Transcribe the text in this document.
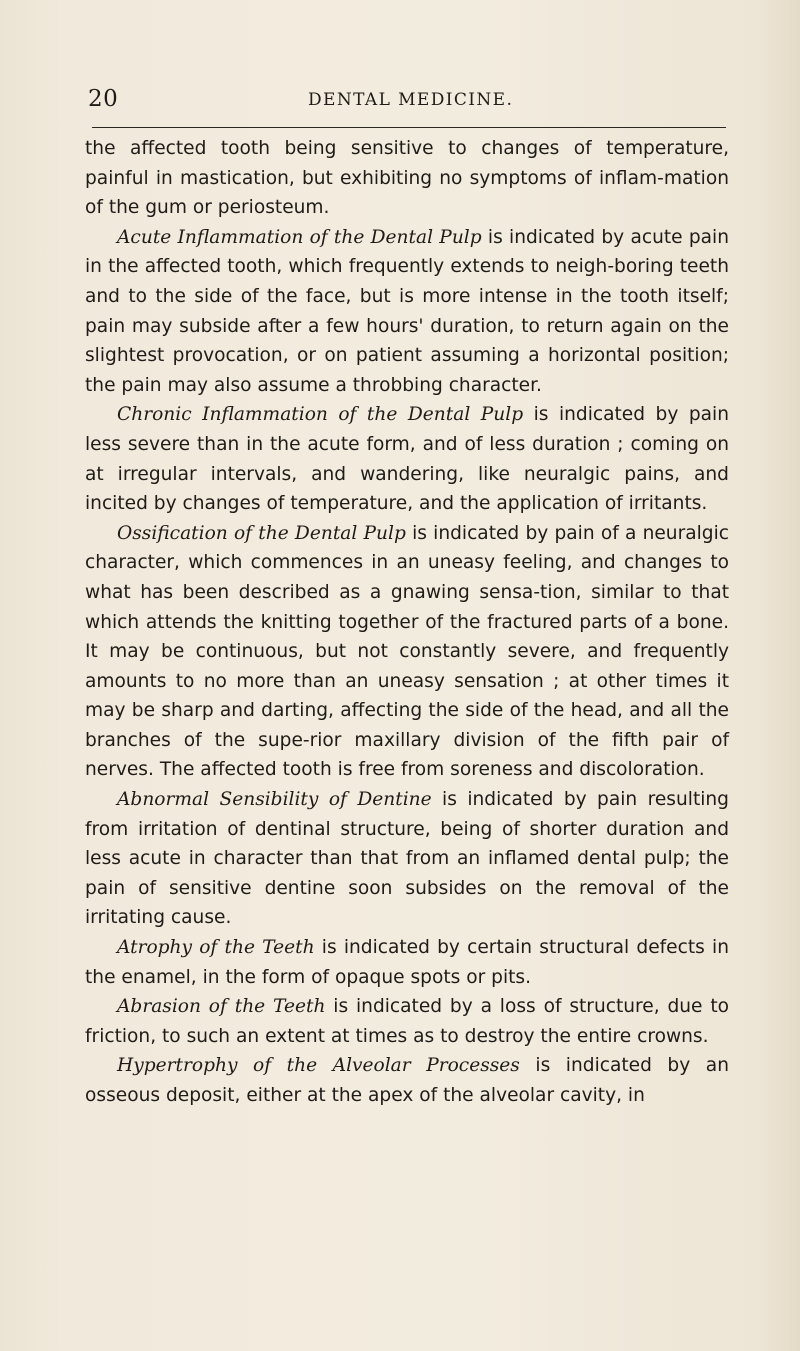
20	DENTAL MEDICINE.

the affected tooth being sensitive to changes of temperature, painful in mastication, but exhibiting no symptoms of inflam-mation of the gum or periosteum.

Acute Inflammation of the Dental Pulp is indicated by acute pain in the affected tooth, which frequently extends to neigh-boring teeth and to the side of the face, but is more intense in the tooth itself; pain may subside after a few hours' duration, to return again on the slightest provocation, or on patient assuming a horizontal position; the pain may also assume a throbbing character.

Chronic Inflammation of the Dental Pulp is indicated by pain less severe than in the acute form, and of less duration ; coming on at irregular intervals, and wandering, like neuralgic pains, and incited by changes of temperature, and the application of irritants.

Ossification of the Dental Pulp is indicated by pain of a neuralgic character, which commences in an uneasy feeling, and changes to what has been described as a gnawing sensa-tion, similar to that which attends the knitting together of the fractured parts of a bone. It may be continuous, but not constantly severe, and frequently amounts to no more than an uneasy sensation ; at other times it may be sharp and darting, affecting the side of the head, and all the branches of the supe-rior maxillary division of the fifth pair of nerves. The affected tooth is free from soreness and discoloration.

Abnormal Sensibility of Dentine is indicated by pain resulting from irritation of dentinal structure, being of shorter duration and less acute in character than that from an inflamed dental pulp; the pain of sensitive dentine soon subsides on the removal of the irritating cause.

Atrophy of the Teeth is indicated by certain structural defects in the enamel, in the form of opaque spots or pits.

Abrasion of the Teeth is indicated by a loss of structure, due to friction, to such an extent at times as to destroy the entire crowns.

Hypertrophy of the Alveolar Processes is indicated by an osseous deposit, either at the apex of the alveolar cavity, in
